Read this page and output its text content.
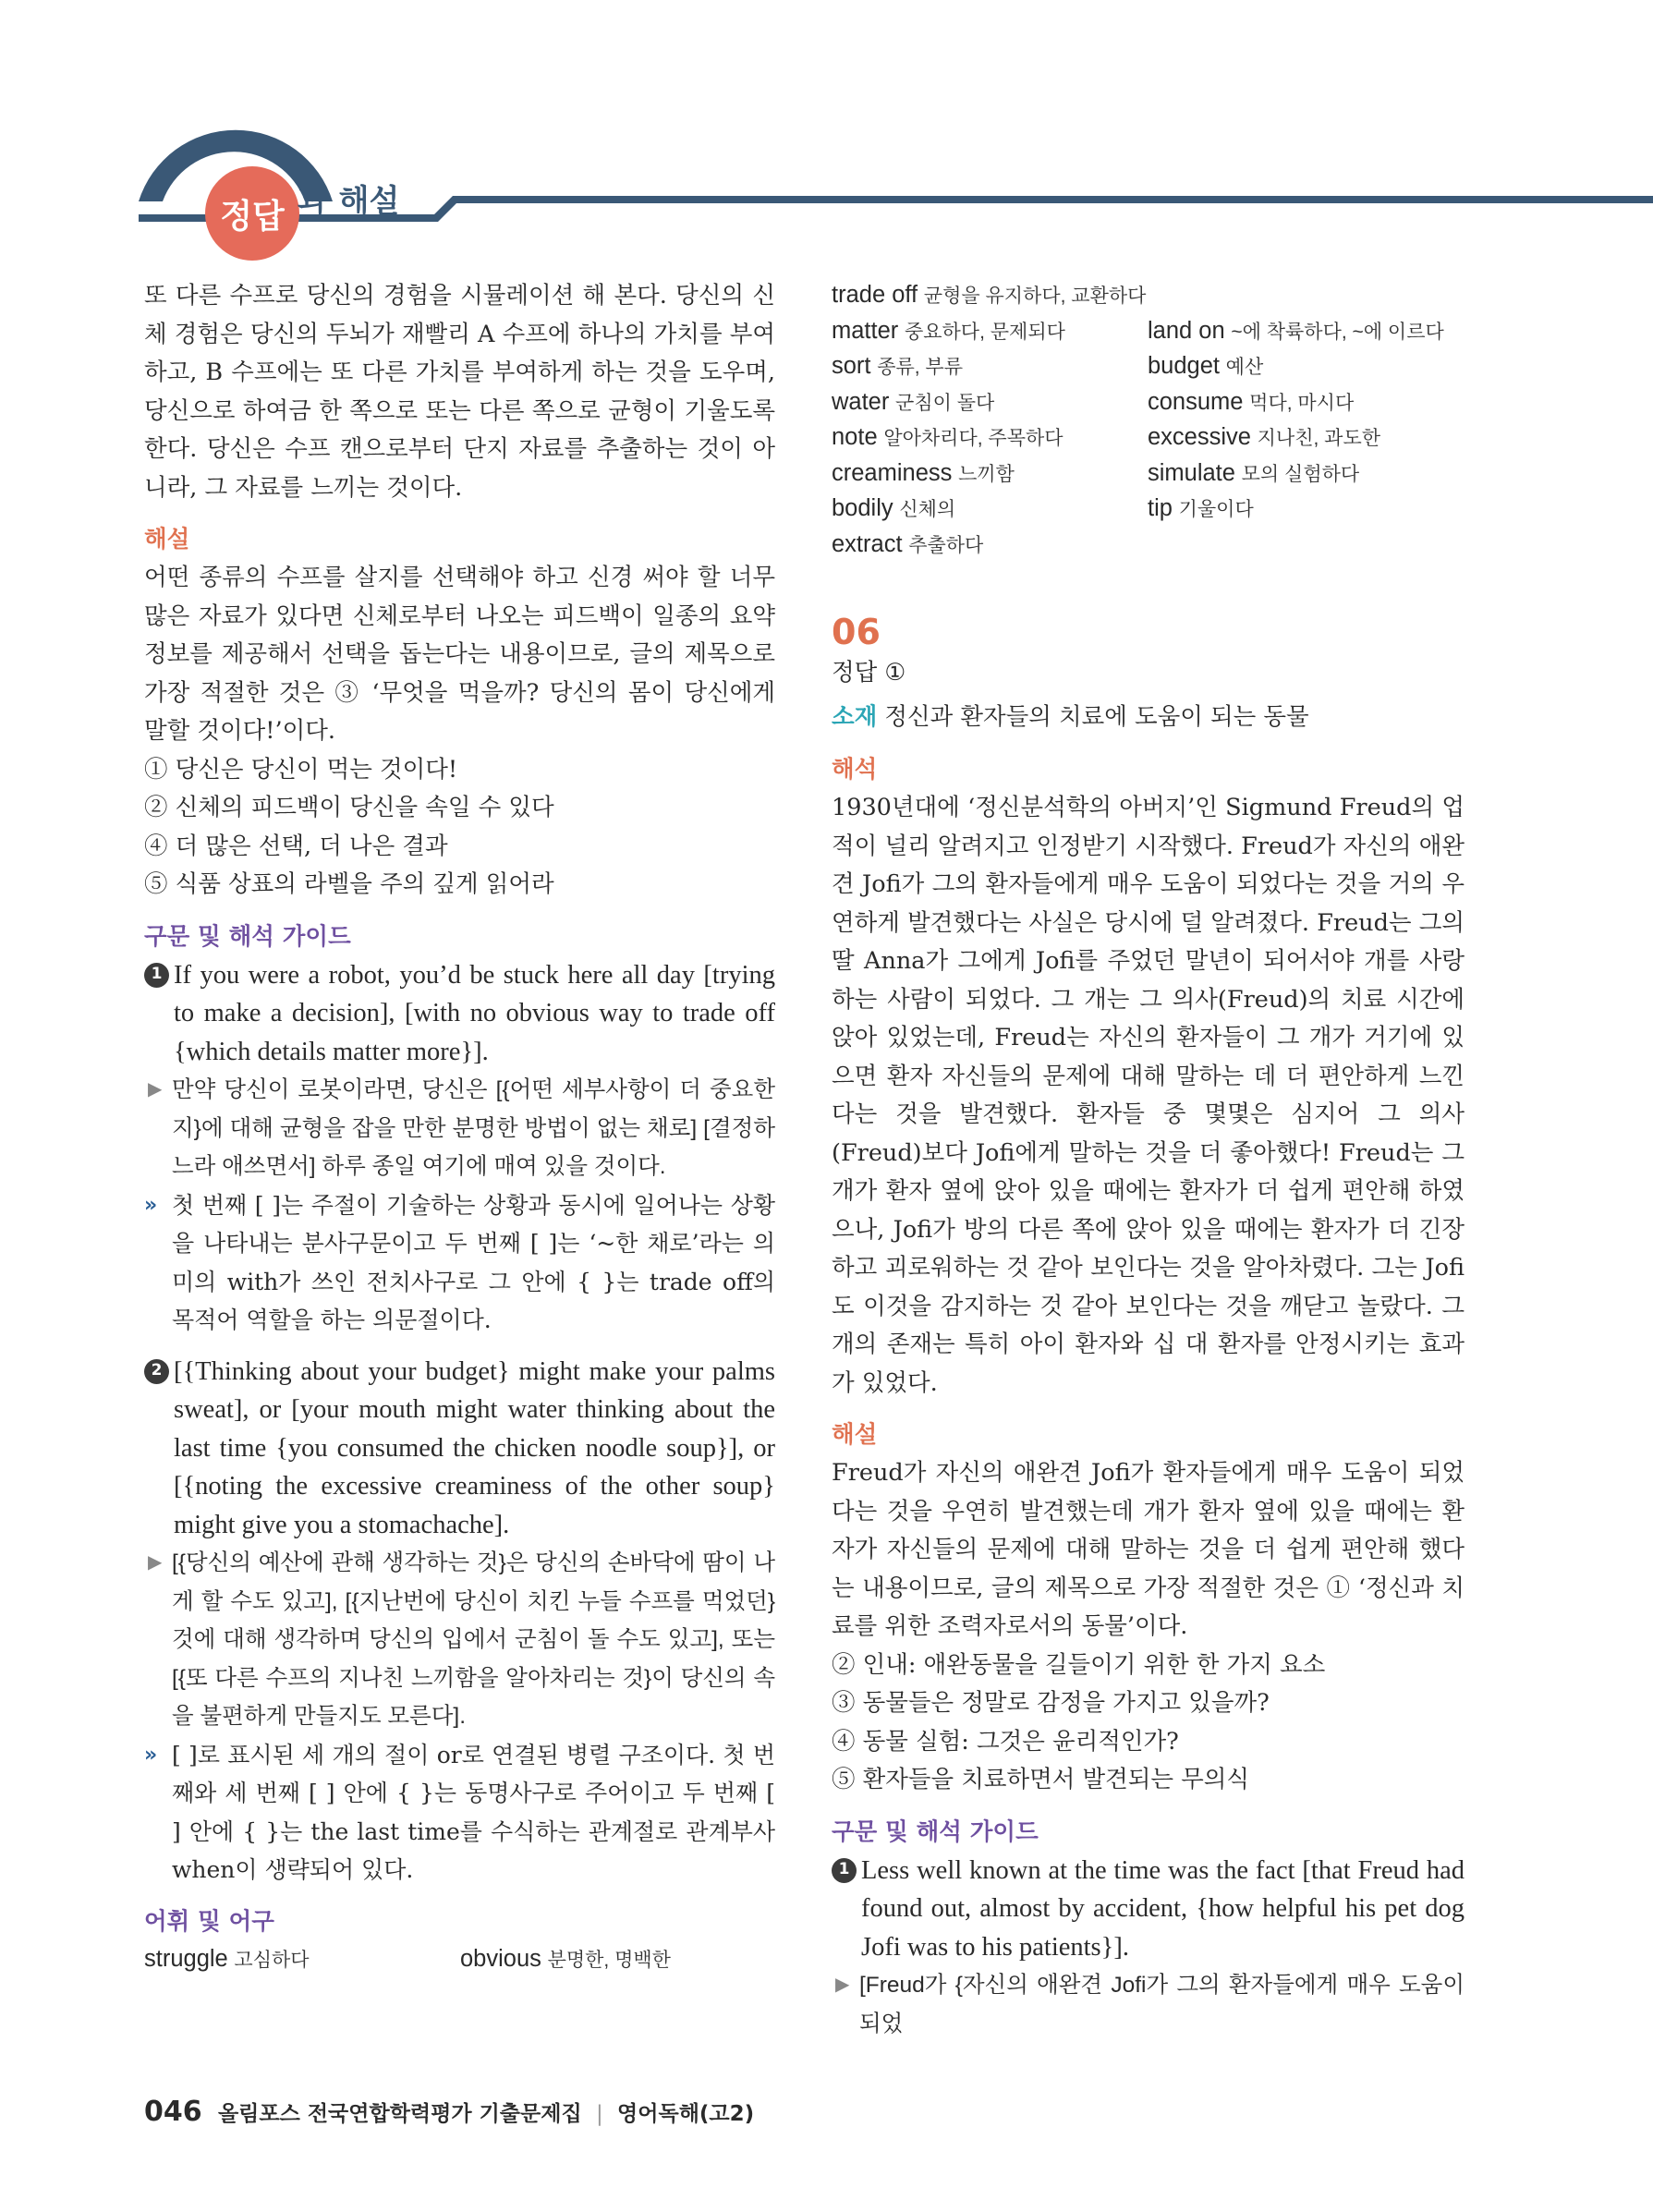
정답 과 해설
또 다른 수프로 당신의 경험을 시뮬레이션 해 본다. 당신의 신체 경험은 당신의 두뇌가 재빨리 A 수프에 하나의 가치를 부여하고, B 수프에는 또 다른 가치를 부여하게 하는 것을 도우며, 당신으로 하여금 한 쪽으로 또는 다른 쪽으로 균형이 기울도록 한다. 당신은 수프 캔으로부터 단지 자료를 추출하는 것이 아니라, 그 자료를 느끼는 것이다.
해설
어떤 종류의 수프를 살지를 선택해야 하고 신경 써야 할 너무 많은 자료가 있다면 신체로부터 나오는 피드백이 일종의 요약 정보를 제공해서 선택을 돕는다는 내용이므로, 글의 제목으로 가장 적절한 것은 ③ ‘무엇을 먹을까? 당신의 몸이 당신에게 말할 것이다!’이다.
① 당신은 당신이 먹는 것이다!
② 신체의 피드백이 당신을 속일 수 있다
④ 더 많은 선택, 더 나은 결과
⑤ 식품 상표의 라벨을 주의 깊게 읽어라
구문 및 해석 가이드
1 If you were a robot, you’d be stuck here all day [trying to make a decision], [with no obvious way to trade off {which details matter more}].
▶ 만약 당신이 로봇이라면, 당신은 [{어떤 세부사항이 더 중요한지}에 대해 균형을 잡을 만한 분명한 방법이 없는 채로] [결정하느라 애쓰면서] 하루 종일 여기에 매여 있을 것이다.
» 첫 번째 [ ]는 주절이 기술하는 상황과 동시에 일어나는 상황을 나타내는 분사구문이고 두 번째 [ ]는 ‘~한 채로’라는 의미의 with가 쓰인 전치사구로 그 안에 { }는 trade off의 목적어 역할을 하는 의문절이다.
2 [{Thinking about your budget} might make your palms sweat], or [your mouth might water thinking about the last time {you consumed the chicken noodle soup}], or [{noting the excessive creaminess of the other soup} might give you a stomachache].
▶ [{당신의 예산에 관해 생각하는 것}은 당신의 손바닥에 땀이 나게 할 수도 있고], [{지난번에 당신이 치킨 누들 수프를 먹었던} 것에 대해 생각하며 당신의 입에서 군침이 돌 수도 있고], 또는 [{또 다른 수프의 지나친 느끼함을 알아차리는 것}이 당신의 속을 불편하게 만들지도 모른다].
» [ ]로 표시된 세 개의 절이 or로 연결된 병렬 구조이다. 첫 번째와 세 번째 [ ] 안에 { }는 동명사구로 주어이고 두 번째 [ ] 안에 { }는 the last time를 수식하는 관계절로 관계부사 when이 생략되어 있다.
어휘 및 어구
struggle 고심하다	obvious 분명한, 명백한
trade off 균형을 유지하다, 교환하다
matter 중요하다, 문제되다
sort 종류, 부류
water 군침이 돌다
note 알아차리다, 주목하다
creaminess 느끼함
bodily 신체의
extract 추출하다
land on ~에 착륙하다, ~에 이르다
budget 예산
consume 먹다, 마시다
excessive 지나친, 과도한
simulate 모의 실험하다
tip 기울이다
06
정답 ①
소재 정신과 환자들의 치료에 도움이 되는 동물
해석
1930년대에 ‘정신분석학의 아버지’인 Sigmund Freud의 업적이 널리 알려지고 인정받기 시작했다. Freud가 자신의 애완견 Jofi가 그의 환자들에게 매우 도움이 되었다는 것을 거의 우연하게 발견했다는 사실은 당시에 덜 알려졌다. Freud는 그의 딸 Anna가 그에게 Jofi를 주었던 말년이 되어서야 개를 사랑하는 사람이 되었다. 그 개는 그 의사(Freud)의 치료 시간에 앉아 있었는데, Freud는 자신의 환자들이 그 개가 거기에 있으면 환자 자신들의 문제에 대해 말하는 데 더 편안하게 느낀다는 것을 발견했다. 환자들 중 몇몇은 심지어 그 의사(Freud)보다 Jofi에게 말하는 것을 더 좋아했다! Freud는 그 개가 환자 옆에 앉아 있을 때에는 환자가 더 쉽게 편안해 하였으나, Jofi가 방의 다른 쪽에 앉아 있을 때에는 환자가 더 긴장하고 괴로워하는 것 같아 보인다는 것을 알아차렸다. 그는 Jofi도 이것을 감지하는 것 같아 보인다는 것을 깨닫고 놀랐다. 그 개의 존재는 특히 아이 환자와 십 대 환자를 안정시키는 효과가 있었다.
해설
Freud가 자신의 애완견 Jofi가 환자들에게 매우 도움이 되었다는 것을 우연히 발견했는데 개가 환자 옆에 있을 때에는 환자가 자신들의 문제에 대해 말하는 것을 더 쉽게 편안해 했다는 내용이므로, 글의 제목으로 가장 적절한 것은 ① ‘정신과 치료를 위한 조력자로서의 동물’이다.
② 인내: 애완동물을 길들이기 위한 한 가지 요소
③ 동물들은 정말로 감정을 가지고 있을까?
④ 동물 실험: 그것은 윤리적인가?
⑤ 환자들을 치료하면서 발견되는 무의식
구문 및 해석 가이드
1 Less well known at the time was the fact [that Freud had found out, almost by accident, {how helpful his pet dog Jofi was to his patients}].
▶ [Freud가 {자신의 애완견 Jofi가 그의 환자들에게 매우 도움이 되었
046 올림포스 전국연합학력평가 기출문제집 | 영어독해(고2)
